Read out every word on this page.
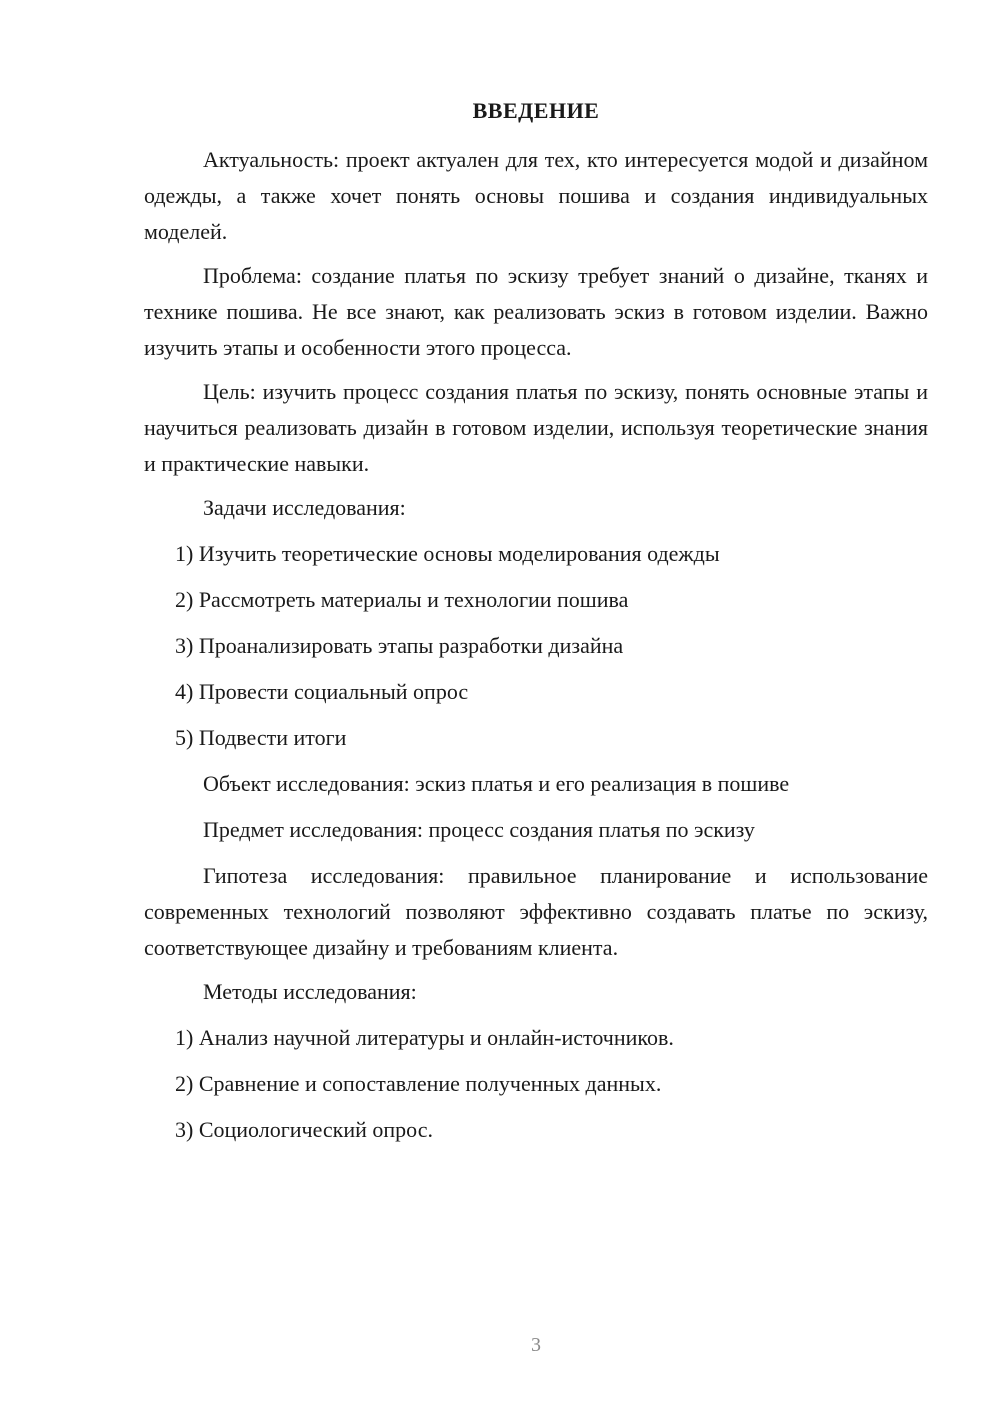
ВВЕДЕНИЕ

Актуальность: проект актуален для тех, кто интересуется модой и дизайном одежды, а также хочет понять основы пошива и создания индивидуальных моделей.

Проблема: создание платья по эскизу требует знаний о дизайне, тканях и технике пошива. Не все знают, как реализовать эскиз в готовом изделии. Важно изучить этапы и особенности этого процесса.

Цель: изучить процесс создания платья по эскизу, понять основные этапы и научиться реализовать дизайн в готовом изделии, используя теоретические знания и практические навыки.

Задачи исследования:

1) Изучить теоретические основы моделирования одежды

2) Рассмотреть материалы и технологии пошива

3) Проанализировать этапы разработки дизайна

4) Провести социальный опрос

5) Подвести итоги

Объект исследования: эскиз платья и его реализация в пошиве

Предмет исследования: процесс создания платья по эскизу

Гипотеза исследования: правильное планирование и использование современных технологий позволяют эффективно создавать платье по эскизу, соответствующее дизайну и требованиям клиента.

Методы исследования:

1) Анализ научной литературы и онлайн-источников.

2) Сравнение и сопоставление полученных данных.

3) Социологический опрос.

3
